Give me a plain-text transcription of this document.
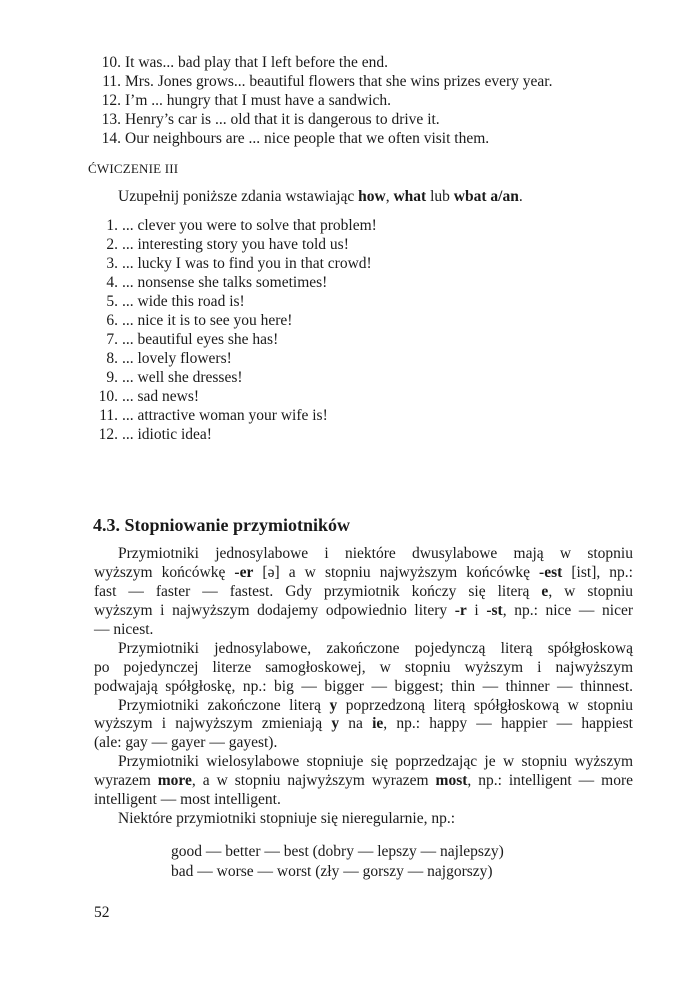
10. It was... bad play that I left before the end.
11. Mrs. Jones grows... beautiful flowers that she wins prizes every year.
12. I’m ... hungry that I must have a sandwich.
13. Henry’s car is ... old that it is dangerous to drive it.
14. Our neighbours are ... nice people that we often visit them.
ĆWICZENIE III
Uzupełnij poniższe zdania wstawiając how, what lub wbat a/an.
1. ... clever you were to solve that problem!
2. ... interesting story you have told us!
3. ... lucky I was to find you in that crowd!
4. ... nonsense she talks sometimes!
5. ... wide this road is!
6. ... nice it is to see you here!
7. ... beautiful eyes she has!
8. ... lovely flowers!
9. ... well she dresses!
10. ... sad news!
11. ... attractive woman your wife is!
12. ... idiotic idea!
4.3. Stopniowanie przymiotników
Przymiotniki jednosylabowe i niektóre dwusylabowe mają w stopniu
wyższym końcówkę -er [ə] a w stopniu najwyższym końcówkę -est [ist], np.:
fast — faster — fastest. Gdy przymiotnik kończy się literą e, w stopniu
wyższym i najwyższym dodajemy odpowiednio litery -r i -st, np.: nice — nicer
— nicest.
Przymiotniki jednosylabowe, zakończone pojedynczą literą spółgłoskową
po pojedynczej literze samogłoskowej, w stopniu wyższym i najwyższym
podwajają spółgłoskę, np.: big — bigger — biggest; thin — thinner — thinnest.
Przymiotniki zakończone literą y poprzedzoną literą spółgłoskową w stopniu
wyższym i najwyższym zmieniają y na ie, np.: happy — happier — happiest
(ale: gay — gayer — gayest).
Przymiotniki wielosylabowe stopniuje się poprzedzając je w stopniu wyższym
wyrazem more, a w stopniu najwyższym wyrazem most, np.: intelligent — more
intelligent — most intelligent.
Niektóre przymiotniki stopniuje się nieregularnie, np.:
good — better — best (dobry — lepszy — najlepszy)
bad — worse — worst (zły — gorszy — najgorszy)
52
